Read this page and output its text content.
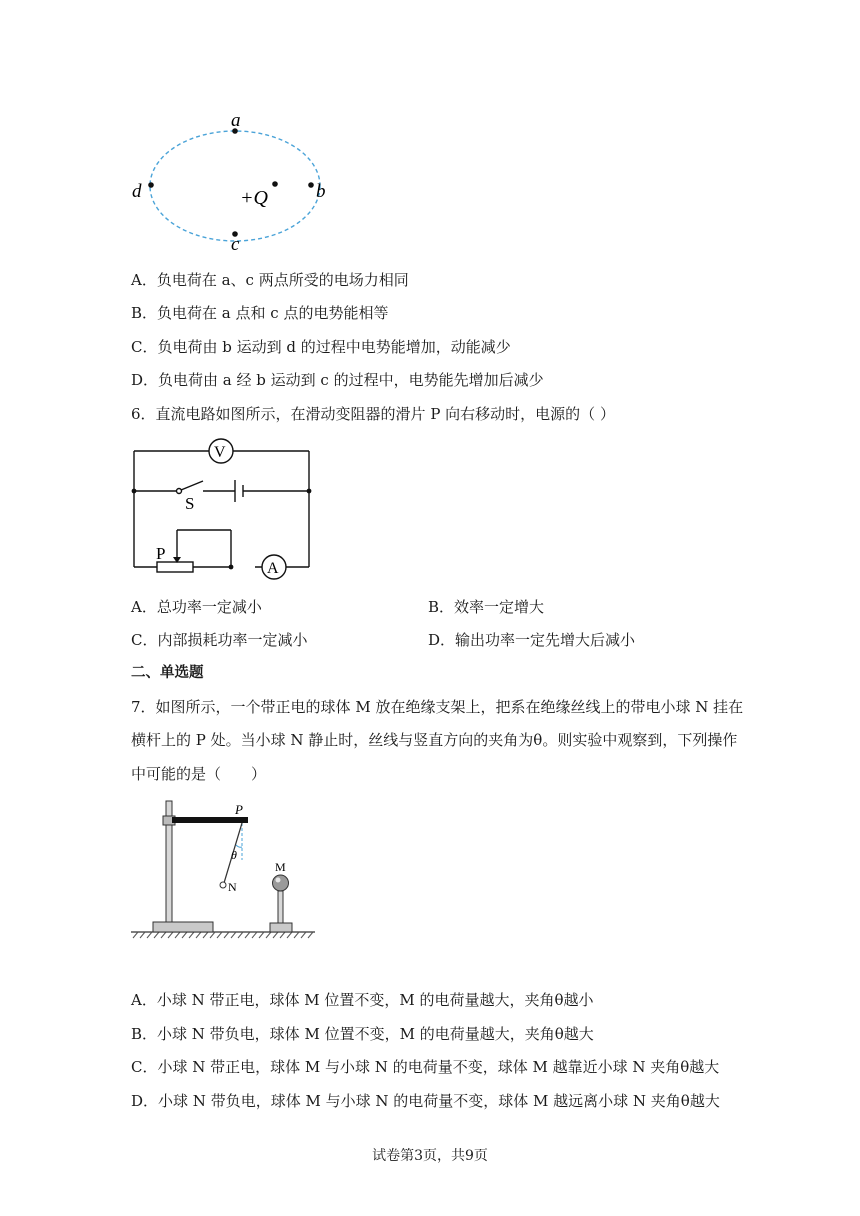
a
b
c
d	+Q
A．负电荷在 a、c 两点所受的电场力相同
B．负电荷在 a 点和 c 点的电势能相等
C．负电荷由 b 运动到 d 的过程中电势能增加，动能减少
D．负电荷由 a 经 b 运动到 c 的过程中，电势能先增加后减少
6．直流电路如图所示，在滑动变阻器的滑片 P 向右移动时，电源的（ ）
V
A
S
P
A．总功率一定减小	B．效率一定增大
C．内部损耗功率一定减小	D．输出功率一定先增大后减小
二、单选题
7．如图所示，一个带正电的球体 M 放在绝缘支架上，把系在绝缘丝线上的带电小球 N 挂在
横杆上的 P 处。当小球 N 静止时，丝线与竖直方向的夹角为θ。则实验中观察到，下列操作
中可能的是（　　）
P
θ
N
M
A．小球 N 带正电，球体 M 位置不变，M 的电荷量越大，夹角θ越小
B．小球 N 带负电，球体 M 位置不变，M 的电荷量越大，夹角θ越大
C．小球 N 带正电，球体 M 与小球 N 的电荷量不变，球体 M 越靠近小球 N 夹角θ越大
D．小球 N 带负电，球体 M 与小球 N 的电荷量不变，球体 M 越远离小球 N 夹角θ越大
试卷第3页，共9页
